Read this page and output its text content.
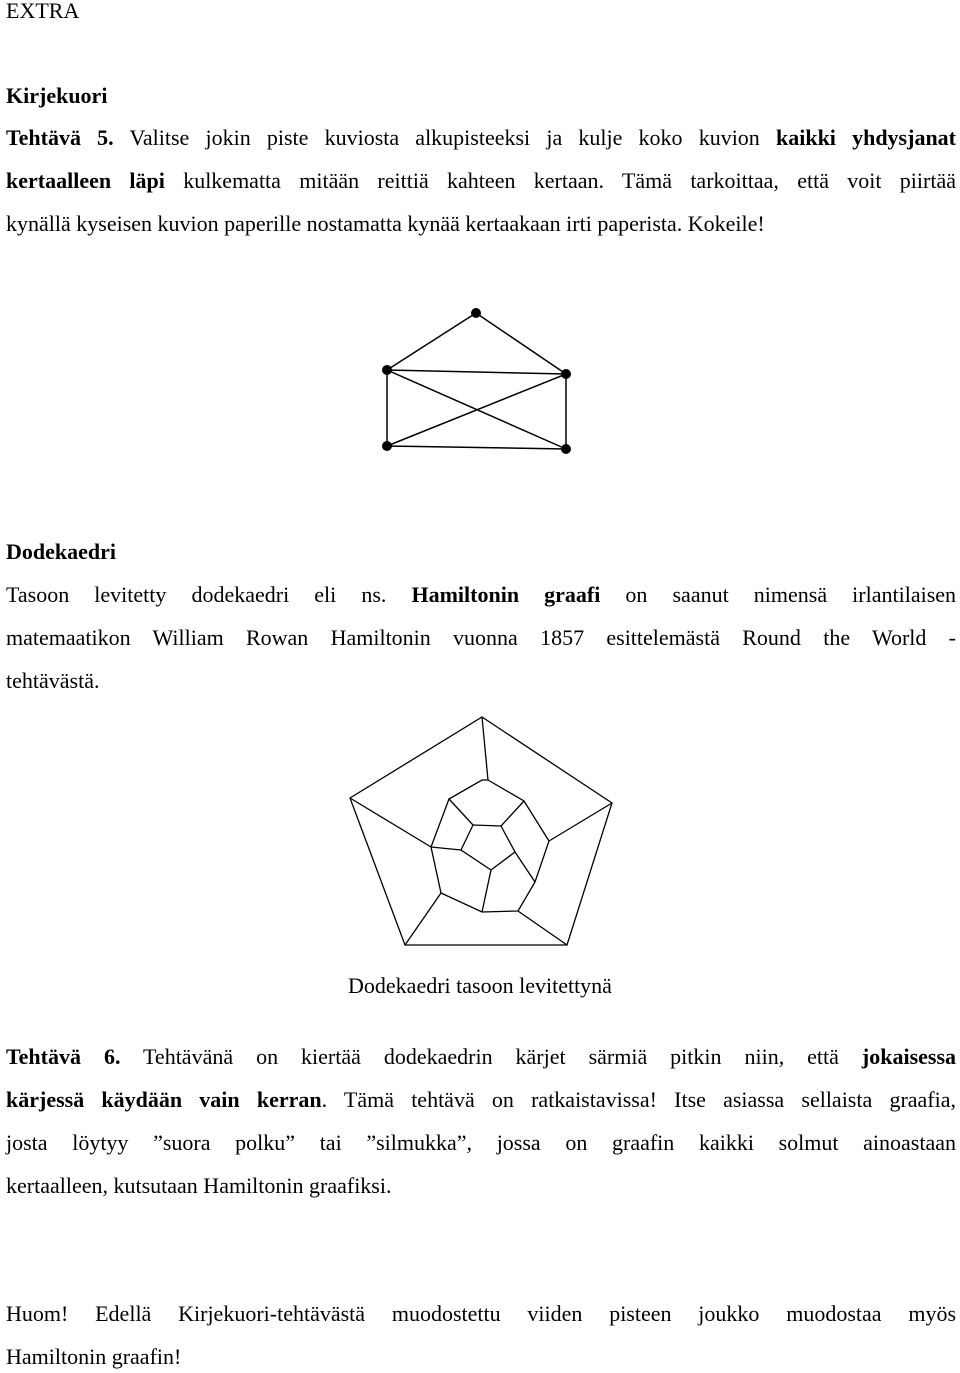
EXTRA
Kirjekuori
Tehtävä 5. Valitse jokin piste kuviosta alkupisteeksi ja kulje koko kuvion kaikki yhdysjanat
kertaalleen läpi kulkematta mitään reittiä kahteen kertaan. Tämä tarkoittaa, että voit piirtää
kynällä kyseisen kuvion paperille nostamatta kynää kertaakaan irti paperista. Kokeile!
Dodekaedri
Tasoon levitetty dodekaedri eli ns. Hamiltonin graafi on saanut nimensä irlantilaisen
matemaatikon William Rowan Hamiltonin vuonna 1857 esittelemästä Round the World -
tehtävästä.
Dodekaedri tasoon levitettynä
Tehtävä 6. Tehtävänä on kiertää dodekaedrin kärjet särmiä pitkin niin, että jokaisessa
kärjessä käydään vain kerran. Tämä tehtävä on ratkaistavissa! Itse asiassa sellaista graafia,
josta löytyy ”suora polku” tai ”silmukka”, jossa on graafin kaikki solmut ainoastaan
kertaalleen, kutsutaan Hamiltonin graafiksi.
Huom! Edellä Kirjekuori-tehtävästä muodostettu viiden pisteen joukko muodostaa myös
Hamiltonin graafin!
